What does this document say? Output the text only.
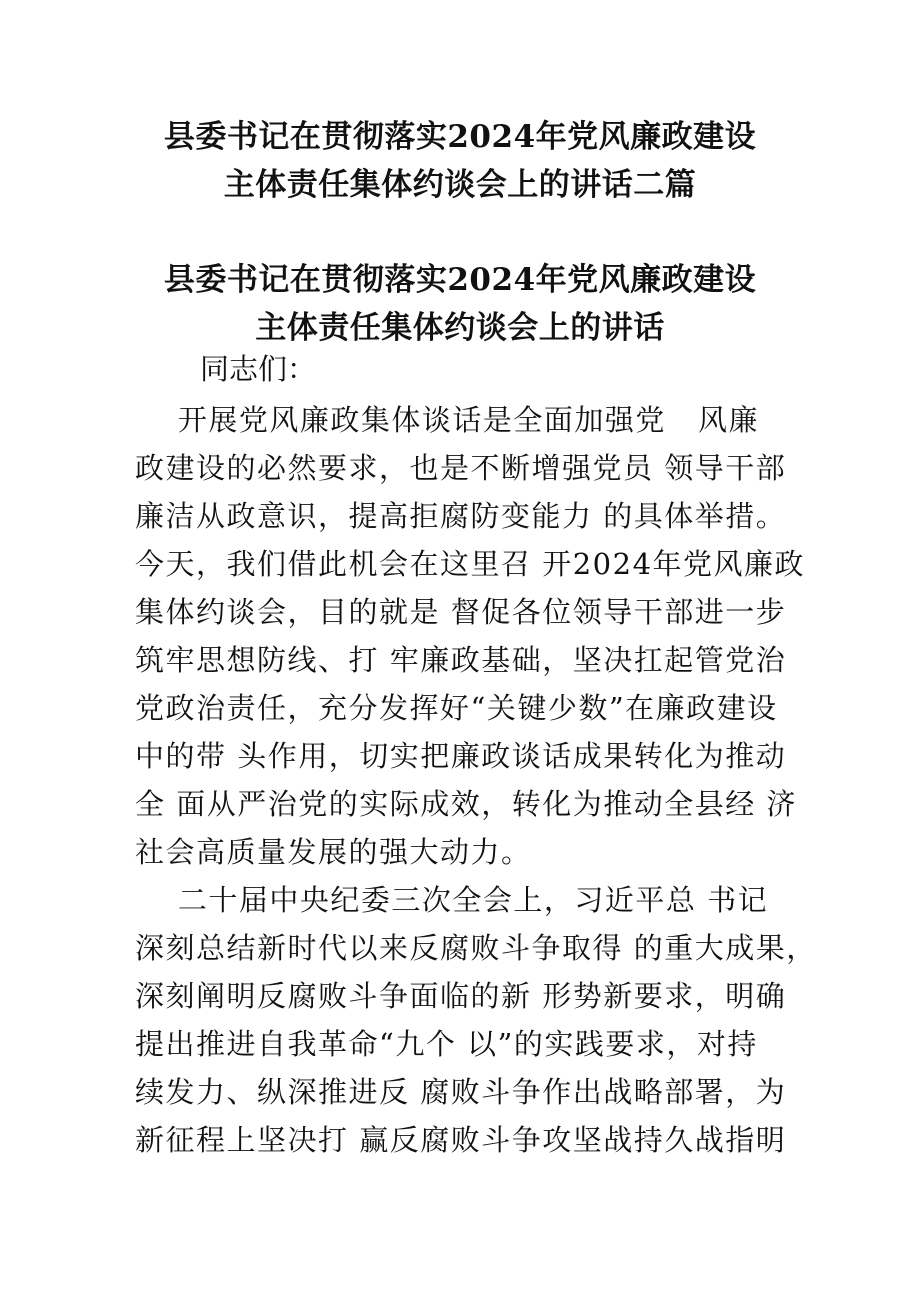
县委书记在贯彻落实2024年党风廉政建设
主体责任集体约谈会上的讲话二篇
县委书记在贯彻落实2024年党风廉政建设
主体责任集体约谈会上的讲话
同志们：
开展党风廉政集体谈话是全面加强党   风廉
政建设的必然要求，也是不断增强党员 领导干部
廉洁从政意识，提高拒腐防变能力 的具体举措。
今天，我们借此机会在这里召 开2024年党风廉政
集体约谈会，目的就是 督促各位领导干部进一步
筑牢思想防线、打 牢廉政基础，坚决扛起管党治
党政治责任，充分发挥好“关键少数”在廉政建设
中的带 头作用，切实把廉政谈话成果转化为推动
全 面从严治党的实际成效，转化为推动全县经 济
社会高质量发展的强大动力。
二十届中央纪委三次全会上，习近平总 书记
深刻总结新时代以来反腐败斗争取得 的重大成果，
深刻阐明反腐败斗争面临的新 形势新要求，明确
提出推进自我革命“九个 以”的实践要求，对持
续发力、纵深推进反 腐败斗争作出战略部署，为
新征程上坚决打 赢反腐败斗争攻坚战持久战指明
